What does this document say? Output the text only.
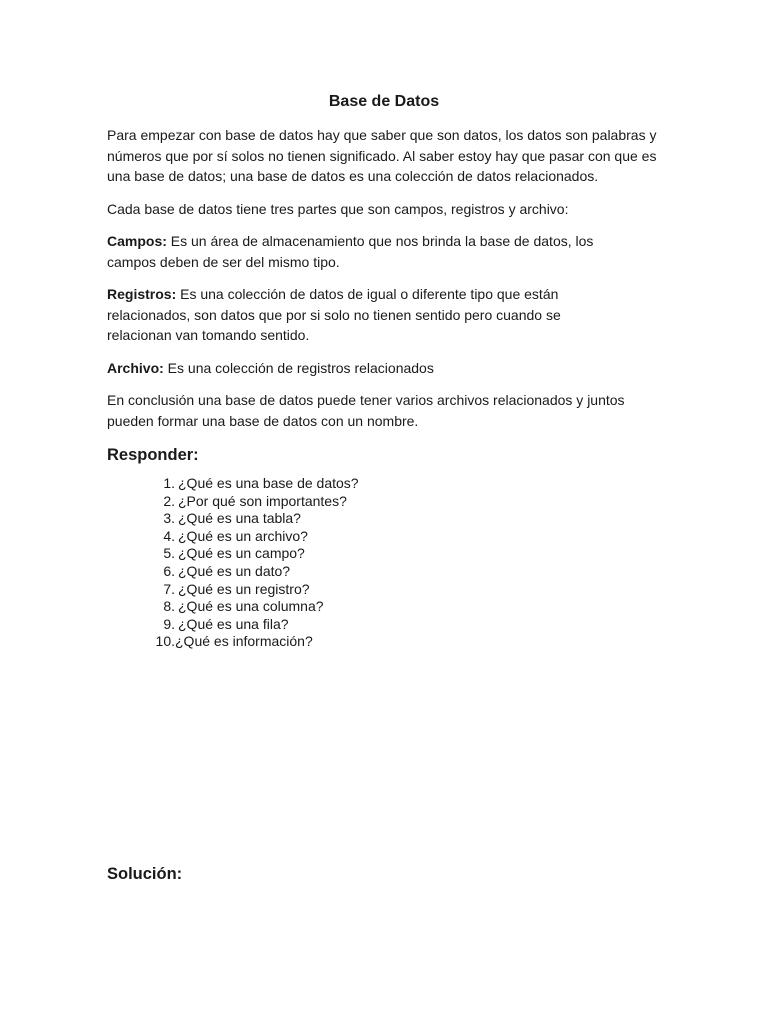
Base de Datos

Para empezar con base de datos hay que saber que son datos, los datos son palabras y números que por sí solos no tienen significado. Al saber estoy hay que pasar con que es una base de datos; una base de datos es una colección de datos relacionados.

Cada base de datos tiene tres partes que son campos, registros y archivo:

Campos: Es un área de almacenamiento que nos brinda la base de datos, los campos deben de ser del mismo tipo.

Registros: Es una colección de datos de igual o diferente tipo que están relacionados, son datos que por si solo no tienen sentido pero cuando se relacionan van tomando sentido.

Archivo: Es una colección de registros relacionados

En conclusión una base de datos puede tener varios archivos relacionados y juntos pueden formar una base de datos con un nombre.

Responder:
1. ¿Qué es una base de datos?
2. ¿Por qué son importantes?
3. ¿Qué es una tabla?
4. ¿Qué es un archivo?
5. ¿Qué es un campo?
6. ¿Qué es un dato?
7. ¿Qué es un registro?
8. ¿Qué es una columna?
9. ¿Qué es una fila?
10. ¿Qué es información?
Solución:
